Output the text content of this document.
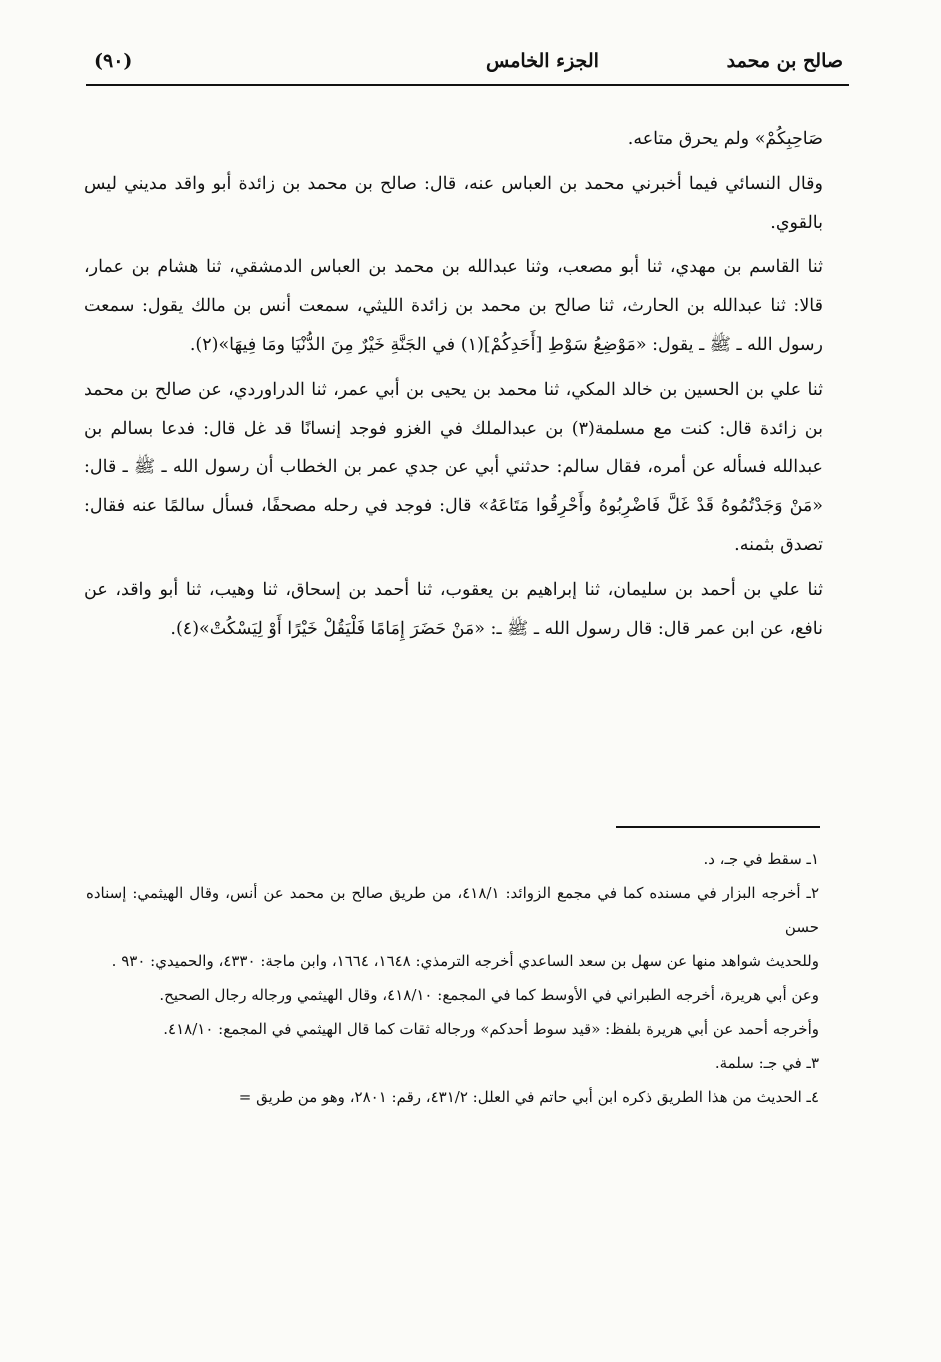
(٩٠)	الجزء الخامس	صالح بن محمد

صَاحِبِكُمْ» ولم يحرق متاعه.

وقال النسائي فيما أخبرني محمد بن العباس عنه، قال: صالح بن محمد بن زائدة أبو واقد مديني ليس بالقوي.

ثنا القاسم بن مهدي، ثنا أبو مصعب، وثنا عبدالله بن محمد بن العباس الدمشقي، ثنا هشام بن عمار، قالا: ثنا عبدالله بن الحارث، ثنا صالح بن محمد بن زائدة الليثي، سمعت أنس بن مالك يقول: سمعت رسول الله ـ ﷺ ـ يقول: «مَوْضِعُ سَوْطِ [أَحَدِكُمْ](١) في الجَنَّةِ خَيْرٌ مِنَ الدُّنْيَا ومَا فِيهَا»(٢).

ثنا علي بن الحسين بن خالد المكي، ثنا محمد بن يحيى بن أبي عمر، ثنا الدراوردي، عن صالح بن محمد بن زائدة قال: كنت مع مسلمة(٣) بن عبدالملك في الغزو فوجد إنسانًا قد غل قال: فدعا بسالم بن عبدالله فسأله عن أمره، فقال سالم: حدثني أبي عن جدي عمر بن الخطاب أن رسول الله ـ ﷺ ـ قال: «مَنْ وَجَدْتُمُوهُ قَدْ غَلَّ فَاضْرِبُوهُ وأَحْرِقُوا مَتَاعَهُ» قال: فوجد في رحله مصحفًا، فسأل سالمًا عنه فقال: تصدق بثمنه.

ثنا علي بن أحمد بن سليمان، ثنا إبراهيم بن يعقوب، ثنا أحمد بن إسحاق، ثنا وهيب، ثنا أبو واقد، عن نافع، عن ابن عمر قال: قال رسول الله ـ ﷺ ـ: «مَنْ حَضَرَ إِمَامًا فَلْيَقُلْ خَيْرًا أَوْ لِيَسْكُتْ»(٤).

١ـ سقط في جـ، د.

٢ـ أخرجه البزار في مسنده كما في مجمع الزوائد: ٤١٨/١، من طريق صالح بن محمد عن أنس، وقال الهيثمي: إسناده حسن

وللحديث شواهد منها عن سهل بن سعد الساعدي أخرجه الترمذي: ١٦٤٨، ١٦٦٤، وابن ماجة: ٤٣٣٠، والحميدي: ٩٣٠ .

وعن أبي هريرة، أخرجه الطبراني في الأوسط كما في المجمع: ٤١٨/١٠، وقال الهيثمي ورجاله رجال الصحيح.

وأخرجه أحمد عن أبي هريرة بلفظ: «قيد سوط أحدكم» ورجاله ثقات كما قال الهيثمي في المجمع: ٤١٨/١٠.

٣ـ في جـ: سلمة.

٤ـ الحديث من هذا الطريق ذكره ابن أبي حاتم في العلل: ٤٣١/٢، رقم: ٢٨٠١، وهو من طريق =
